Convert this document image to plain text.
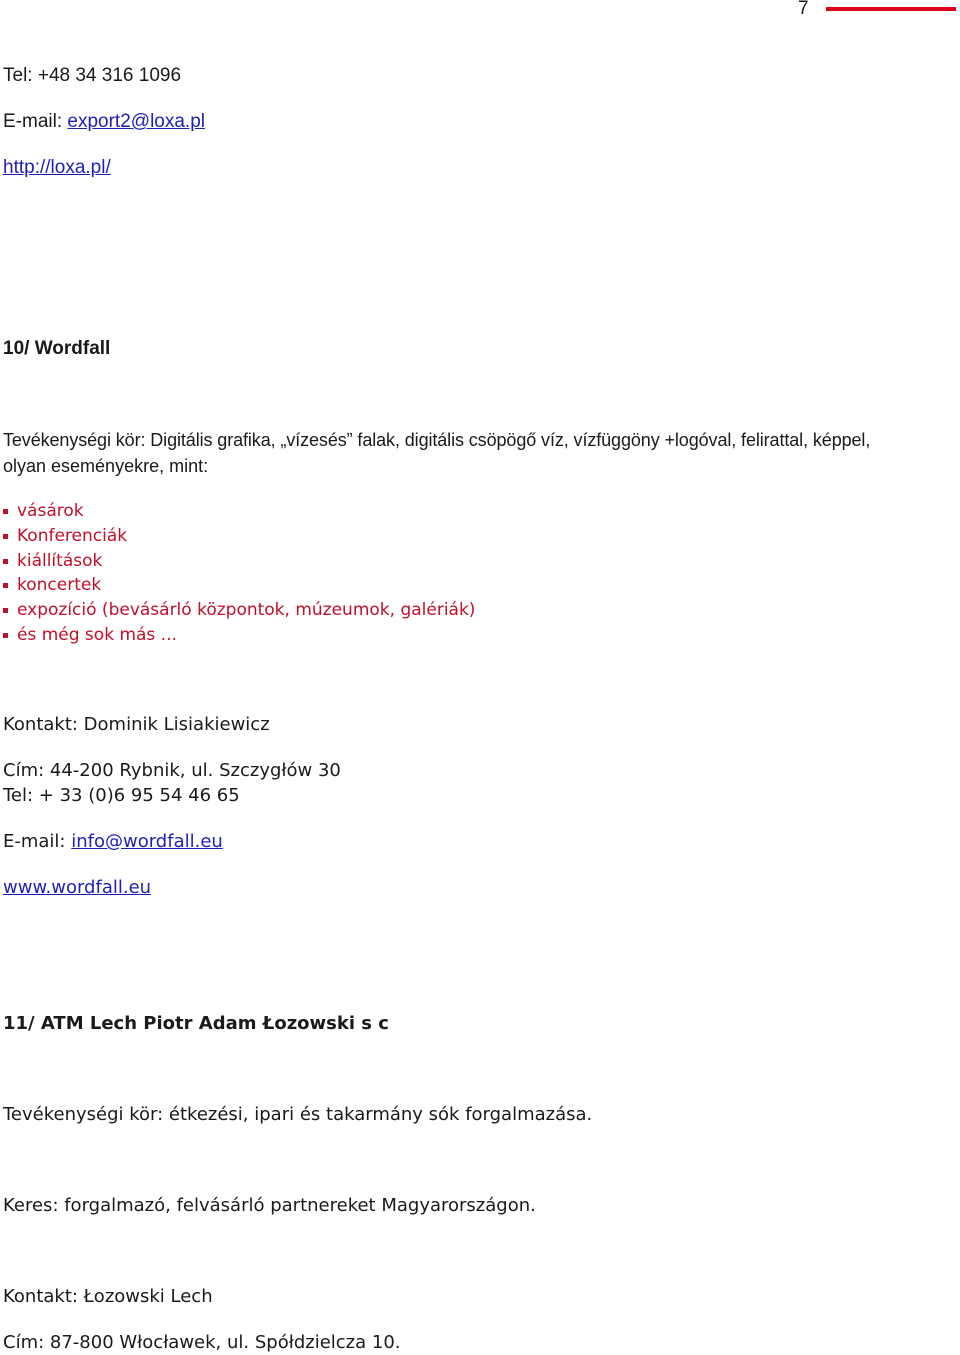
7

Tel: +48 34 316 1096

E-mail: export2@loxa.pl

http://loxa.pl/

10/ Wordfall

Tevékenységi kör: Digitális grafika, „vízesés” falak, digitális csöpögő víz, vízfüggöny +logóval, felirattal, képpel,

olyan eseményekre, mint:

vásárok
Konferenciák
kiállítások
koncertek
expozíció (bevásárló központok, múzeumok, galériák)
és még sok más ...

Kontakt: Dominik Lisiakiewicz

Cím: 44-200 Rybnik, ul. Szczygłów 30

Tel: + 33 (0)6 95 54 46 65

E-mail: info@wordfall.eu

www.wordfall.eu

11/ ATM Lech Piotr Adam Łozowski s c

Tevékenységi kör: étkezési, ipari és takarmány sók forgalmazása.

Keres: forgalmazó, felvásárló partnereket Magyarországon.

Kontakt: Łozowski Lech

Cím: 87-800 Włocławek, ul. Spółdzielcza 10.
